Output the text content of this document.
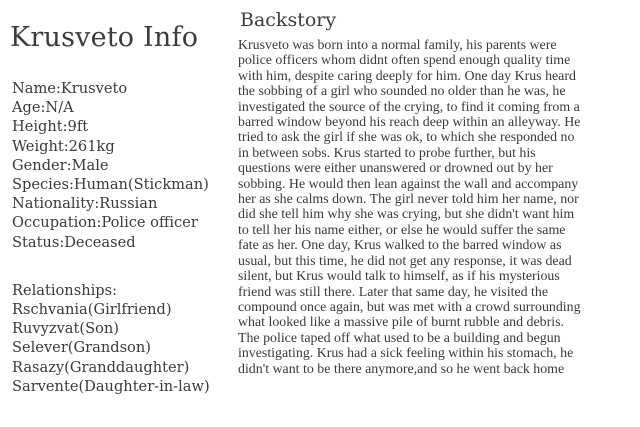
Krusveto Info
Name:Krusveto
Age:N/A
Height:9ft
Weight:261kg
Gender:Male
Species:Human(Stickman)
Nationality:Russian
Occupation:Police officer
Status:Deceased
Relationships:
Rschvania(Girlfriend)
Ruvyzvat(Son)
Selever(Grandson)
Rasazy(Granddaughter)
Sarvente(Daughter-in-law)
Backstory
Krusveto was born into a normal family, his parents were
police officers whom didnt often spend enough quality time
with him, despite caring deeply for him. One day Krus heard
the sobbing of a girl who sounded no older than he was, he
investigated the source of the crying, to find it coming from a
barred window beyond his reach deep within an alleyway. He
tried to ask the girl if she was ok, to which she responded no
in between sobs. Krus started to probe further, but his
questions were either unanswered or drowned out by her
sobbing. He would then lean against the wall and accompany
her as she calms down. The girl never told him her name, nor
did she tell him why she was crying, but she didn't want him
to tell her his name either, or else he would suffer the same
fate as her. One day, Krus walked to the barred window as
usual, but this time, he did not get any response, it was dead
silent, but Krus would talk to himself, as if his mysterious
friend was still there. Later that same day, he visited the
compound once again, but was met with a crowd surrounding
what looked like a massive pile of burnt rubble and debris.
The police taped off what used to be a building and begun
investigating. Krus had a sick feeling within his stomach, he
didn't want to be there anymore,and so he went back home
